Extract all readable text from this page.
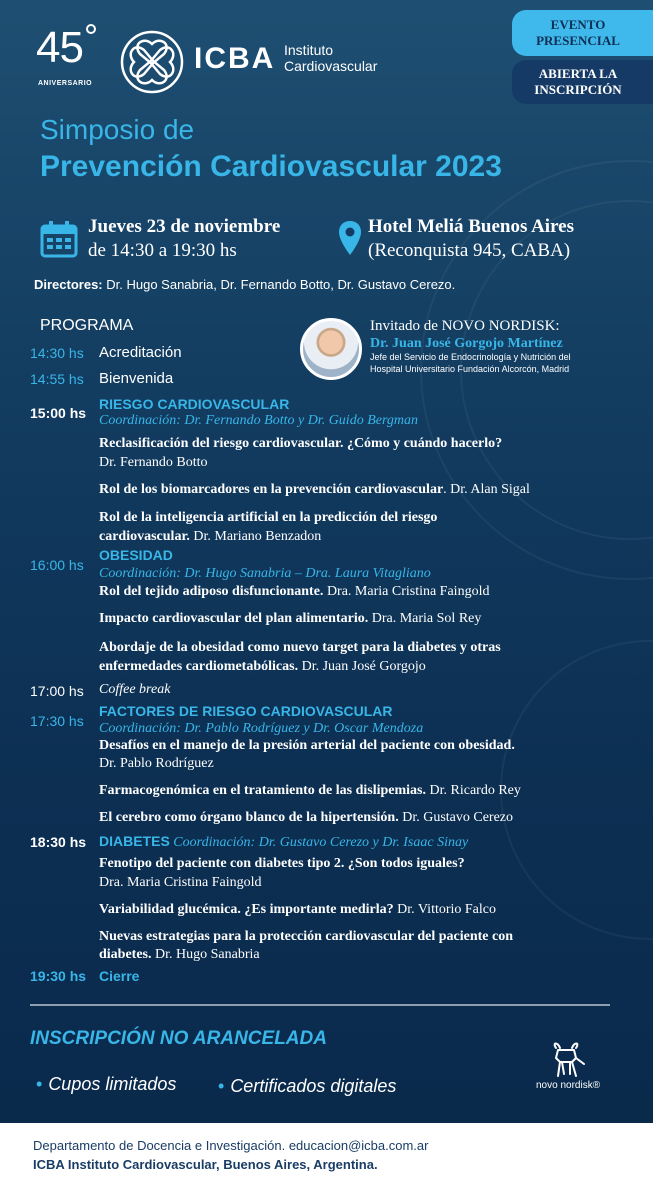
45
ANIVERSARIO
ICBA Instituto
Cardiovascular
EVENTO
PRESENCIAL
ABIERTA LA
INSCRIPCIÓN
Simposio de
Prevención Cardiovascular 2023
Jueves 23 de noviembre
de 14:30 a 19:30 hs
Hotel Meliá Buenos Aires
(Reconquista 945, CABA)
Directores: Dr. Hugo Sanabria, Dr. Fernando Botto, Dr. Gustavo Cerezo.
PROGRAMA	Invitado de NOVO NORDISK:
Dr. Juan José Gorgojo Martínez
Jefe del Servicio de Endocrinología y Nutrición del
Hospital Universitario Fundación Alcorcón, Madrid
14:30 hs Acreditación
14:55 hs Bienvenida
15:00 hs
RIESGO CARDIOVASCULAR
Coordinación: Dr. Fernando Botto y Dr. Guido Bergman
Reclasificación del riesgo cardiovascular. ¿Cómo y cuándo hacerlo?
Dr. Fernando Botto
Rol de los biomarcadores en la prevención cardiovascular. Dr. Alan Sigal
Rol de la inteligencia artificial en la predicción del riesgo
cardiovascular. Dr. Mariano Benzadon
16:00 hs
OBESIDAD
Coordinación: Dr. Hugo Sanabria – Dra. Laura Vitagliano
Rol del tejido adiposo disfuncionante. Dra. Maria Cristina Faingold
Impacto cardiovascular del plan alimentario. Dra. Maria Sol Rey
Abordaje de la obesidad como nuevo target para la diabetes y otras
enfermedades cardiometabólicas. Dr. Juan José Gorgojo
17:00 hs Coffee break
17:30 hs
FACTORES DE RIESGO CARDIOVASCULAR
Coordinación: Dr. Pablo Rodríguez y Dr. Oscar Mendoza
Desafíos en el manejo de la presión arterial del paciente con obesidad.
Dr. Pablo Rodríguez
Farmacogenómica en el tratamiento de las dislipemias. Dr. Ricardo Rey
El cerebro como órgano blanco de la hipertensión. Dr. Gustavo Cerezo
18:30 hs DIABETES Coordinación: Dr. Gustavo Cerezo y Dr. Isaac Sinay
Fenotipo del paciente con diabetes tipo 2. ¿Son todos iguales?
Dra. Maria Cristina Faingold
Variabilidad glucémica. ¿Es importante medirla? Dr. Vittorio Falco
Nuevas estrategias para la protección cardiovascular del paciente con
diabetes. Dr. Hugo Sanabria
19:30 hs Cierre
INSCRIPCIÓN NO ARANCELADA
• Cupos limitados • Certificados digitales	novo nordisk®
Departamento de Docencia e Investigación. educacion@icba.com.ar
ICBA Instituto Cardiovascular, Buenos Aires, Argentina.
